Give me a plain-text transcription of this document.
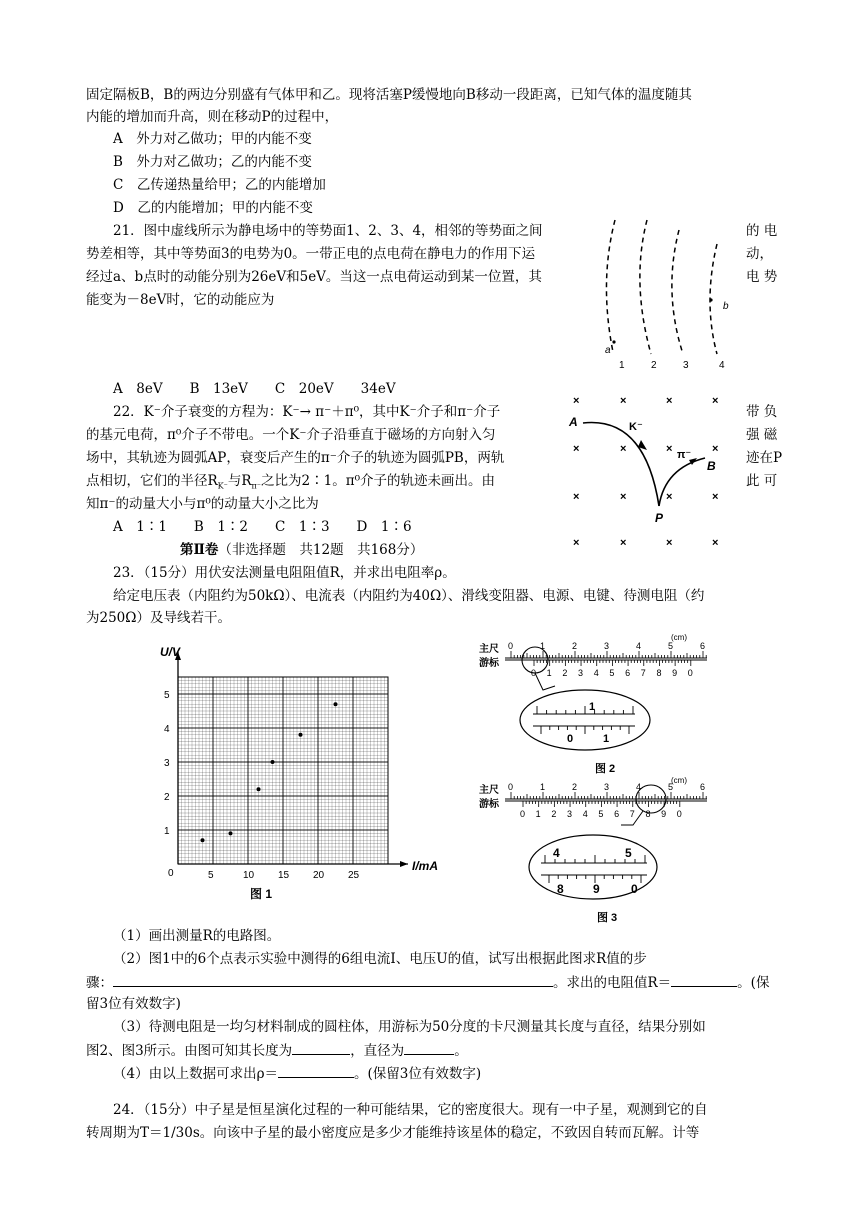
固定隔板B，B的两边分别盛有气体甲和乙。现将活塞P缓慢地向B移动一段距离，已知气体的温度随其
内能的增加而升高，则在移动P的过程中，
A　外力对乙做功；甲的内能不变
B　外力对乙做功；乙的内能不变
C　乙传递热量给甲；乙的内能增加
D　乙的内能增加；甲的内能不变
21．图中虚线所示为静电场中的等势面1、2、3、4，相邻的等势面之间	的 电
势差相等，其中等势面3的电势为0。一带正电的点电荷在静电力的作用下运	动，
经过a、b点时的动能分别为26eV和5eV。当这一点电荷运动到某一位置，其	电 势
能变为－8eV时，它的动能应为
a
b
1	2	3	4
A　8eV　　B　13eV　　C　20eV　　34eV
22．K⁻介子衰变的方程为：K⁻→ π⁻＋π⁰，其中K⁻介子和π⁻介子	带 负
的基元电荷，π⁰介子不带电。一个K⁻介子沿垂直于磁场的方向射入匀	强 磁
场中，其轨迹为圆弧AP，衰变后产生的π⁻介子的轨迹为圆弧PB，两轨	迹在P
点相切，它们的半径$R_{K^-}$与$R_{\pi^-}$之比为2∶1。π⁰介子的轨迹未画出。由	此 可
知π⁻的动量大小与π⁰的动量大小之比为
A　1∶1　　B　1∶2　　C　1∶3　　D　1∶6
×	×	×	×
×	×	×	×
×	×	×	×
×	×	×	×
A
B
P
K⁻
π⁻
第Ⅱ卷（非选择题　共12题　共168分）
23．（15分）用伏安法测量电阻阻值R，并求出电阻率ρ。
给定电压表（内阻约为50kΩ）、电流表（内阻约为40Ω）、滑线变阻器、电源、电键、待测电阻（约
为250Ω）及导线若干。
5	10 15 20 25
1
2
3
4
5
U/V
I/mA
0
图 1
主尺
游标
(cm)
0	1	2	3	4	5	6
0 1 2 3 4 5 6 7 8 9 0
1
0	1
图 2
主尺
游标
(cm)
0	1	2	3	4	5	6
0 1 2 3 4 5 6 7 8 9 0
4	5
8 9	0
图 3
（1）画出测量R的电路图。
（2）图1中的6个点表示实验中测得的6组电流I、电压U的值，试写出根据此图求R值的步
骤：	。求出的电阻值R＝	。(保
留3位有效数字)
（3）待测电阻是一均匀材料制成的圆柱体，用游标为50分度的卡尺测量其长度与直径，结果分别如
图2、图3所示。由图可知其长度为	，直径为	。
（4）由以上数据可求出ρ＝	。(保留3位有效数字)
24．（15分）中子星是恒星演化过程的一种可能结果，它的密度很大。现有一中子星，观测到它的自
转周期为T＝1/30s。向该中子星的最小密度应是多少才能维持该星体的稳定，不致因自转而瓦解。计等
